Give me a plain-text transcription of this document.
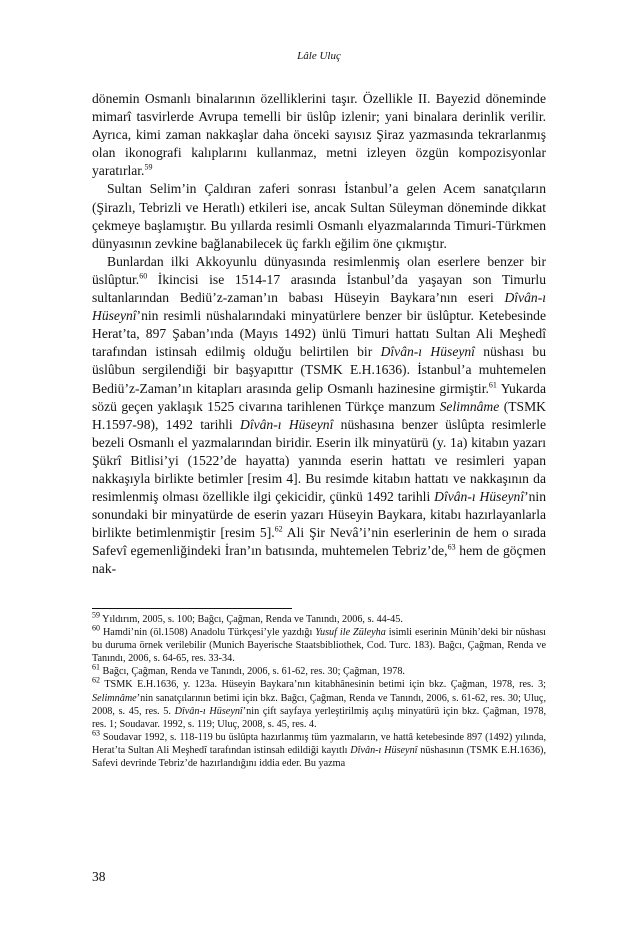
Lâle Uluç

dönemin Osmanlı binalarının özelliklerini taşır. Özellikle II. Bayezid döneminde mimarî tasvirlerde Avrupa temelli bir üslûp izlenir; yani binalara derinlik verilir. Ayrıca, kimi zaman nakkaşlar daha önceki sayısız Şiraz yazmasında tekrarlanmış olan ikonografi kalıplarını kullanmaz, metni izleyen özgün kompozisyonlar yaratırlar.$^{59}$

Sultan Selim’in Çaldıran zaferi sonrası İstanbul’a gelen Acem sanatçıların (Şirazlı, Tebrizli ve Heratlı) etkileri ise, ancak Sultan Süleyman döneminde dikkat çekmeye başlamıştır. Bu yıllarda resimli Osmanlı elyazmalarında Timuri-Türkmen dünyasının zevkine bağlanabilecek üç farklı eğilim öne çıkmıştır.

Bunlardan ilki Akkoyunlu dünyasında resimlenmiş olan eserlere benzer bir üslûptur.$^{60}$ İkincisi ise 1514-17 arasında İstanbul’da yaşayan son Timurlu sultanlarından Bediü’z-zaman’ın babası Hüseyin Baykara’nın eseri Dîvân-ı Hüseynî’nin resimli nüshalarındaki minyatürlere benzer bir üslûptur. Ketebesinde Herat’ta, 897 Şaban’ında (Mayıs 1492) ünlü Timuri hattatı Sultan Ali Meşhedî tarafından istinsah edilmiş olduğu belirtilen bir Dîvân-ı Hüseynî nüshası bu üslûbun sergilendiği bir başyapıttır (TSMK E.H.1636). İstanbul’a muhtemelen Bediü’z-Zaman’ın kitapları arasında gelip Osmanlı hazinesine girmiştir.$^{61}$ Yukarda sözü geçen yaklaşık 1525 civarına tarihlenen Türkçe manzum Selimnâme (TSMK H.1597-98), 1492 tarihli Dîvân-ı Hüseynî nüshasına benzer üslûpta resimlerle bezeli Osmanlı el yazmalarından biridir. Eserin ilk minyatürü (y. 1a) kitabın yazarı Şükrî Bitlisi’yi (1522’de hayatta) yanında eserin hattatı ve resimleri yapan nakkaşıyla birlikte betimler [resim 4]. Bu resimde kitabın hattatı ve nakkaşının da resimlenmiş olması özellikle ilgi çekicidir, çünkü 1492 tarihli Dîvân-ı Hüseynî’nin sonundaki bir minyatürde de eserin yazarı Hüseyin Baykara, kitabı hazırlayanlarla birlikte betimlenmiştir [resim 5].$^{62}$ Ali Şir Nevâ’i’nin eserlerinin de hem o sırada Safevî egemenliğindeki İran’ın batısında, muhtemelen Tebriz’de,$^{63}$ hem de göçmen nak-

$^{59}$ Yıldırım, 2005, s. 100; Bağcı, Çağman, Renda ve Tanındı, 2006, s. 44-45.

$^{60}$ Hamdi’nin (öl.1508) Anadolu Türkçesi’yle yazdığı Yusuf ile Züleyha isimli eserinin Münih’deki bir nüshası bu duruma örnek verilebilir (Munich Bayerische Staatsbibliothek, Cod. Turc. 183). Bağcı, Çağman, Renda ve Tanındı, 2006, s. 64-65, res. 33-34.

$^{61}$ Bağcı, Çağman, Renda ve Tanındı, 2006, s. 61-62, res. 30; Çağman, 1978.

$^{62}$ TSMK E.H.1636, y. 123a. Hüseyin Baykara’nın kitabhânesinin betimi için bkz. Çağman, 1978, res. 3; Selimnâme’nin sanatçılarının betimi için bkz. Bağcı, Çağman, Renda ve Tanındı, 2006, s. 61-62, res. 30; Uluç, 2008, s. 45, res. 5. Dîvân-ı Hüseynî’nin çift sayfaya yerleştirilmiş açılış minyatürü için bkz. Çağman, 1978, res. 1; Soudavar. 1992, s. 119; Uluç, 2008, s. 45, res. 4.

$^{63}$ Soudavar 1992, s. 118-119 bu üslûpta hazırlanmış tüm yazmaların, ve hattâ ketebesinde 897 (1492) yılında, Herat’ta Sultan Ali Meşhedî tarafından istinsah edildiği kayıtlı Dîvân-ı Hüseynî nüshasının (TSMK E.H.1636), Safevi devrinde Tebriz’de hazırlandığını iddia eder. Bu yazma

38
